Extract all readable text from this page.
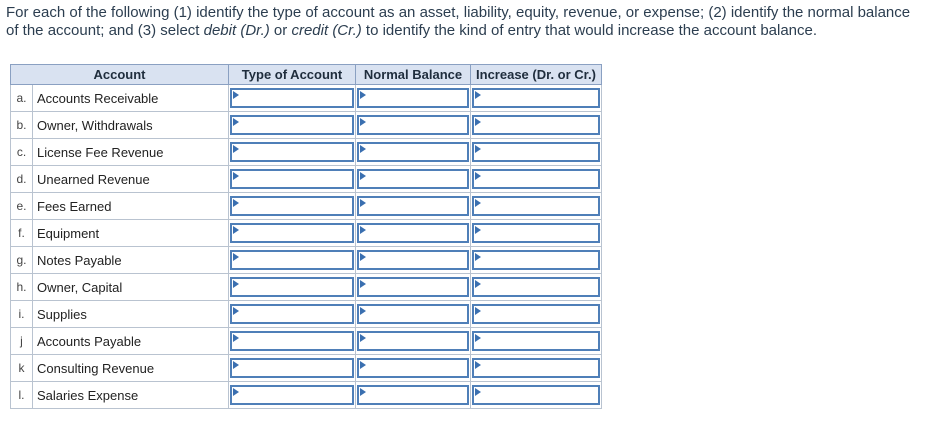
For each of the following (1) identify the type of account as an asset, liability, equity, revenue, or expense; (2) identify the normal balance of the account; and (3) select debit (Dr.) or credit (Cr.) to identify the kind of entry that would increase the account balance.
Account		Type of Account	Normal Balance	Increase (Dr. or Cr.)
a.	Accounts Receivable	

b.	Owner, Withdrawals	

c.	License Fee Revenue	

d.	Unearned Revenue	

e.	Fees Earned	

f.	Equipment	

g.	Notes Payable	

h.	Owner, Capital	

i.	Supplies	

j	Accounts Payable	

k	Consulting Revenue	

l.	Salaries Expense	
